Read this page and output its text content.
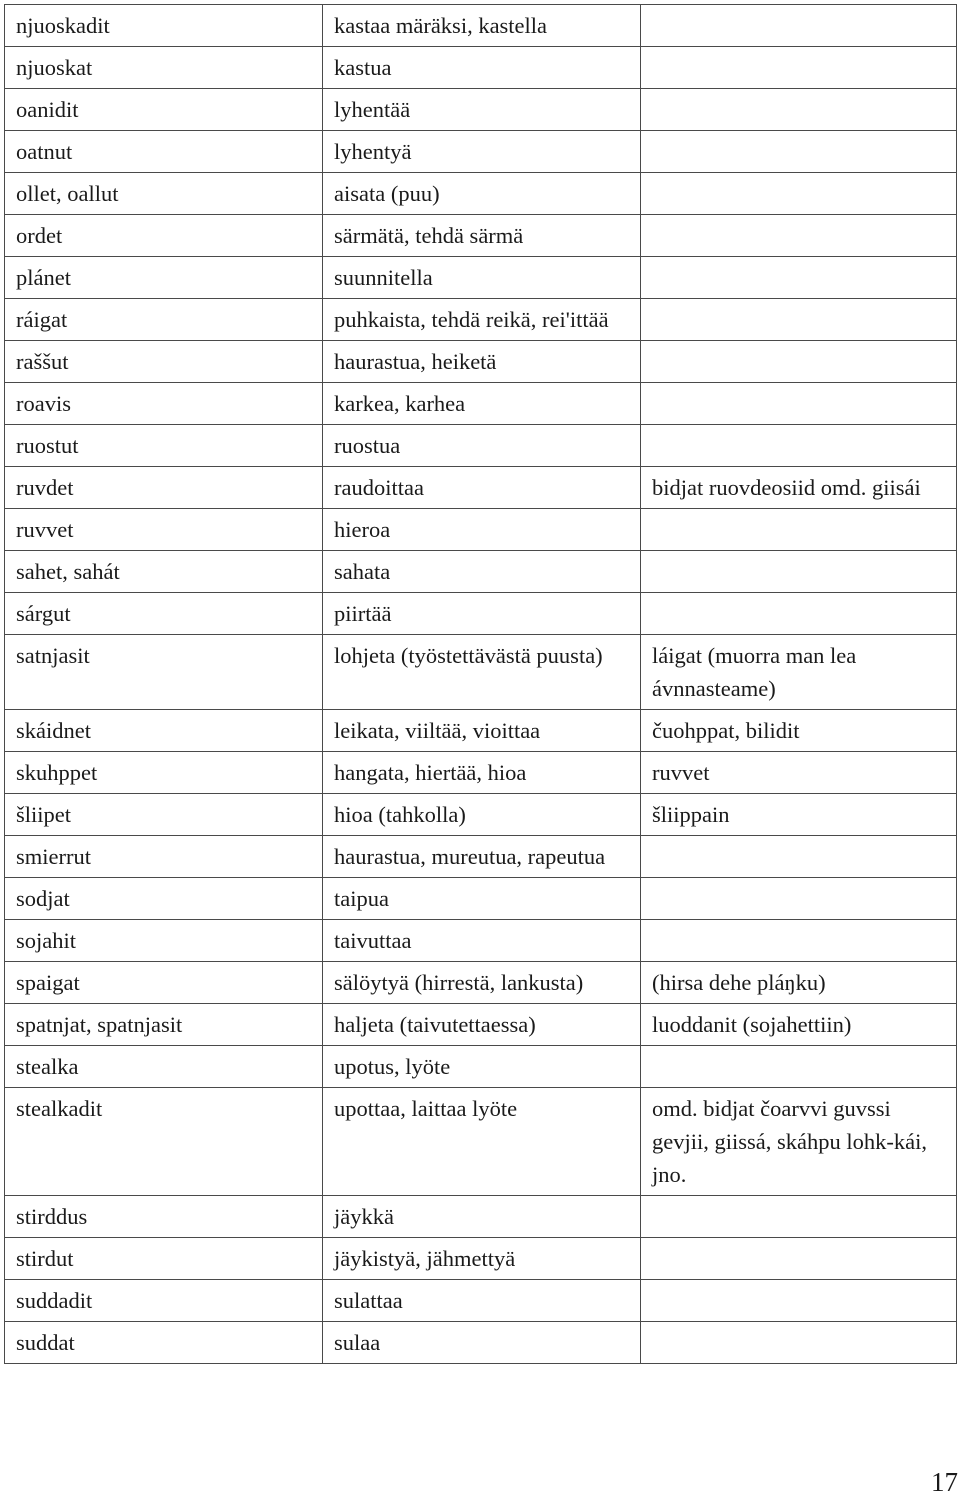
njuoskadit	kastaa märäksi, kastella	
njuoskat	kastua	
oanidit	lyhentää	
oatnut	lyhentyä	
ollet, oallut	aisata (puu)	
ordet	särmätä, tehdä särmä	
plánet	suunnitella	
ráigat	puhkaista, tehdä reikä, rei'ittää	
raššut	haurastua, heiketä	
roavis	karkea, karhea	
ruostut	ruostua	
ruvdet	raudoittaa	bidjat ruovdeosiid omd. giisái
ruvvet	hieroa	
sahet, sahát	sahata	
sárgut	piirtää	
satnjasit	lohjeta (työstettävästä puusta)	láigat (muorra man lea ávnnasteame)
skáidnet	leikata, viiltää, vioittaa	čuohppat, bilidit
skuhppet	hangata, hiertää, hioa	ruvvet
šliipet	hioa (tahkolla)	šliippain
smierrut	haurastua, mureutua, rapeutua	
sodjat	taipua	
sojahit	taivuttaa	
spaigat	sälöytyä (hirrestä, lankusta)	(hirsa dehe pláŋku)
spatnjat, spatnjasit	haljeta (taivutettaessa)	luoddanit (sojahettiin)
stealka	upotus, lyöte	
stealkadit	upottaa, laittaa lyöte	omd. bidjat čoarvvi guvssi gevjii, giissá, skáhpu lohk-kái, jno.
stirddus	jäykkä	
stirdut	jäykistyä, jähmettyä	
suddadit	sulattaa	
suddat	sulaa	
17
